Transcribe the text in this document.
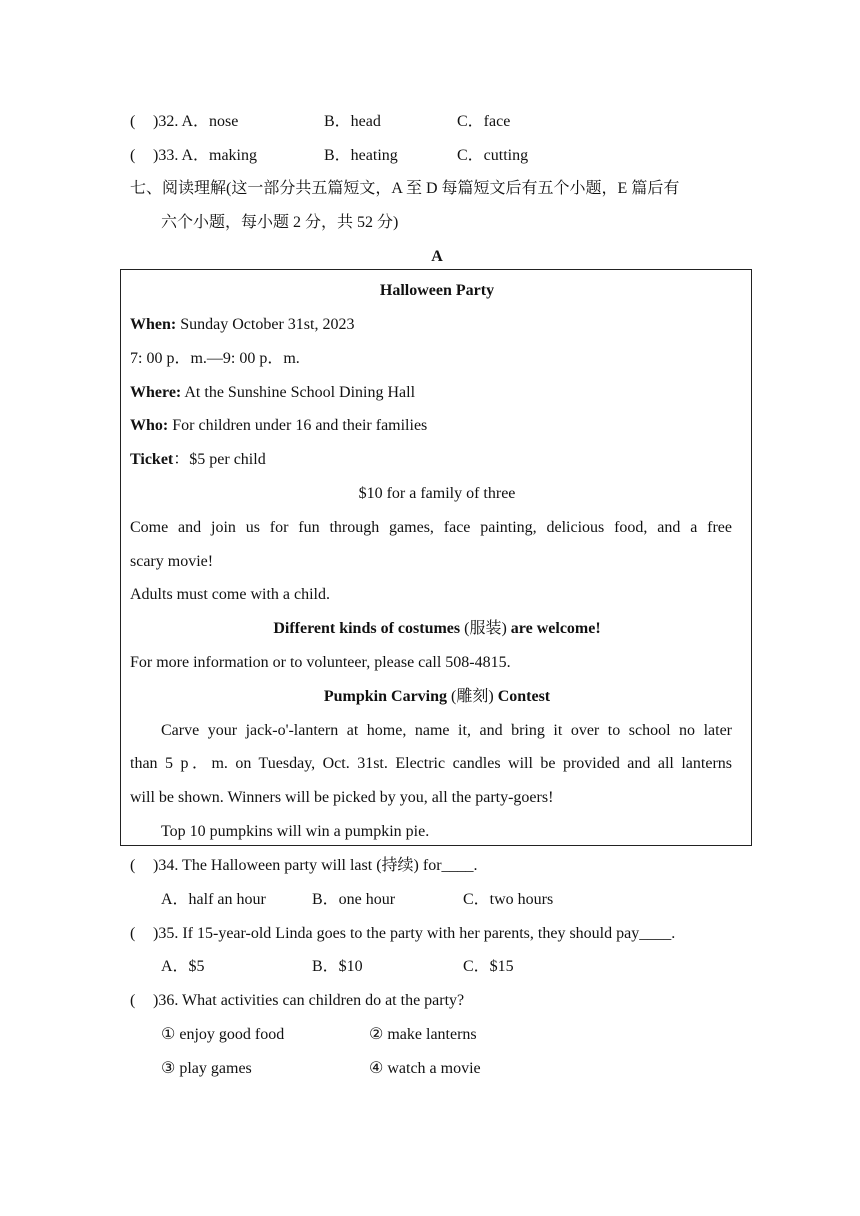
( )32. A．nose	B．head	C．face
( )33. A．making	B．heating	C．cutting
七、阅读理解(这一部分共五篇短文，A 至 D 每篇短文后有五个小题，E 篇后有
六个小题，每小题 2 分，共 52 分)
A
Halloween Party
When: Sunday October 31st, 2023
7: 00 p．m.—9: 00 p．m.
Where: At the Sunshine School Dining Hall
Who: For children under 16 and their families
Ticket：$5 per child
$10 for a family of three
Come and join us for fun through games, face painting, delicious food, and a free
scary movie!
Adults must come with a child.
Different kinds of costumes (服装) are welcome!
For more information or to volunteer, please call 508-4815.
Pumpkin Carving (雕刻) Contest
Carve your jack-o'-lantern at home, name it, and bring it over to school no later
than 5 p．m. on Tuesday, Oct. 31st. Electric candles will be provided and all lanterns
will be shown. Winners will be picked by you, all the party-goers!
Top 10 pumpkins will win a pumpkin pie.
( )34. The Halloween party will last (持续) for____.
A．half an hour	B．one hour	C．two hours
( )35. If 15-year-old Linda goes to the party with her parents, they should pay____.
A．$5	B．$10	C．$15
( )36. What activities can children do at the party?
① enjoy good food	② make lanterns
③ play games	④ watch a movie
